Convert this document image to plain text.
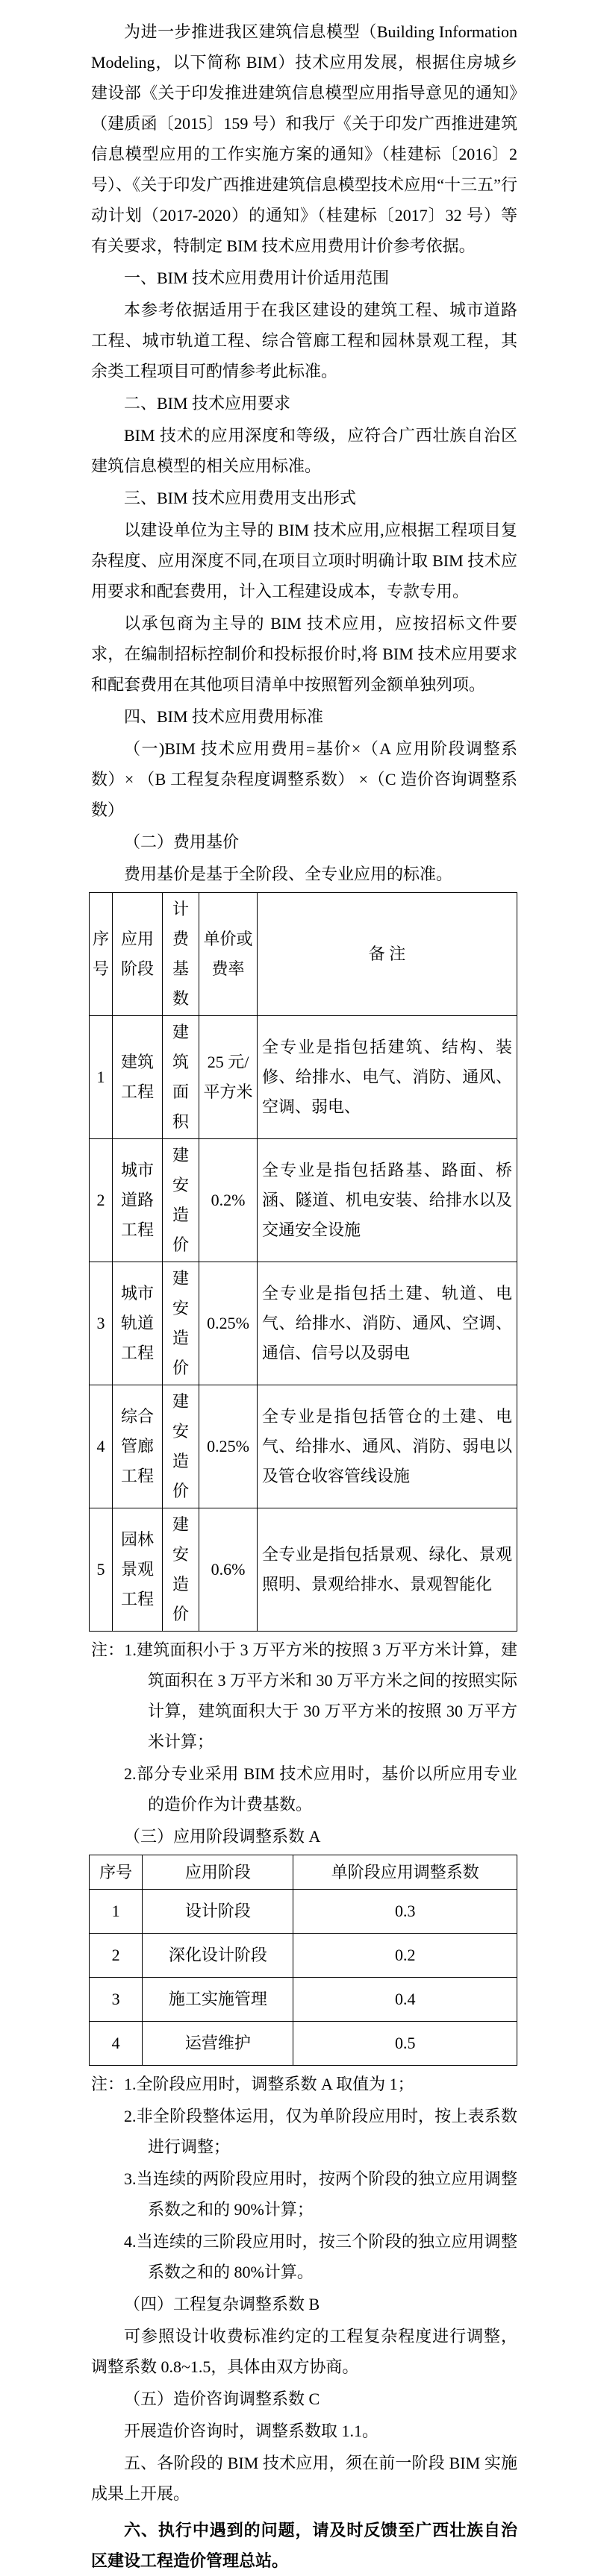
为进一步推进我区建筑信息模型（Building Information Modeling，以下简称 BIM）技术应用发展，根据住房城乡建设部《关于印发推进建筑信息模型应用指导意见的通知》（建质函〔2015〕159 号）和我厅《关于印发广西推进建筑信息模型应用的工作实施方案的通知》（桂建标〔2016〕2 号）、《关于印发广西推进建筑信息模型技术应用“十三五”行动计划（2017-2020）的通知》（桂建标〔2017〕32 号）等有关要求，特制定 BIM 技术应用费用计价参考依据。

一、BIM 技术应用费用计价适用范围

本参考依据适用于在我区建设的建筑工程、城市道路工程、城市轨道工程、综合管廊工程和园林景观工程，其余类工程项目可酌情参考此标准。

二、BIM 技术应用要求

BIM 技术的应用深度和等级，应符合广西壮族自治区建筑信息模型的相关应用标准。

三、BIM 技术应用费用支出形式

以建设单位为主导的 BIM 技术应用,应根据工程项目复杂程度、应用深度不同,在项目立项时明确计取 BIM 技术应用要求和配套费用，计入工程建设成本，专款专用。

以承包商为主导的 BIM 技术应用，应按招标文件要求，在编制招标控制价和投标报价时,将 BIM 技术应用要求和配套费用在其他项目清单中按照暂列金额单独列项。

四、BIM 技术应用费用标准

（一)BIM 技术应用费用=基价×（A 应用阶段调整系数）× （B 工程复杂程度调整系数） ×（C 造价咨询调整系数）

（二）费用基价

费用基价是基于全阶段、全专业应用的标准。

序号	应用阶段	计 费基数	单价或费率	备 注
1	建筑工程	建筑面积	25 元/平方米	全专业是指包括建筑、结构、装修、给排水、电气、消防、通风、空调、弱电、
2	城市道路工程	建安造价	0.2%	全专业是指包括路基、路面、桥涵、隧道、机电安装、给排水以及交通安全设施
3	城市轨道工程	建安造价	0.25%	全专业是指包括土建、轨道、电气、给排水、消防、通风、空调、通信、信号以及弱电
4	综合管廊工程	建安造价	0.25%	全专业是指包括管仓的土建、电气、给排水、通风、消防、弱电以及管仓收容管线设施
5	园林景观工程	建安造价	0.6%	全专业是指包括景观、绿化、景观照明、景观给排水、景观智能化

注：1.建筑面积小于 3 万平方米的按照 3 万平方米计算，建筑面积在 3 万平方米和 30 万平方米之间的按照实际计算，建筑面积大于 30 万平方米的按照 30 万平方米计算；

2.部分专业采用 BIM 技术应用时，基价以所应用专业的造价作为计费基数。

（三）应用阶段调整系数 A

序号	应用阶段	单阶段应用调整系数
1	设计阶段	0.3
2	深化设计阶段	0.2
3	施工实施管理	0.4
4	运营维护	0.5

注：1.全阶段应用时，调整系数 A 取值为 1；

2.非全阶段整体运用，仅为单阶段应用时，按上表系数进行调整；

3.当连续的两阶段应用时，按两个阶段的独立应用调整系数之和的 90%计算；

4.当连续的三阶段应用时，按三个阶段的独立应用调整系数之和的 80%计算。

（四）工程复杂调整系数 B

可参照设计收费标准约定的工程复杂程度进行调整，调整系数 0.8~1.5，具体由双方协商。

（五）造价咨询调整系数 C

开展造价咨询时，调整系数取 1.1。

五、各阶段的 BIM 技术应用，须在前一阶段 BIM 实施成果上开展。

六、执行中遇到的问题，请及时反馈至广西壮族自治区建设工程造价管理总站。
